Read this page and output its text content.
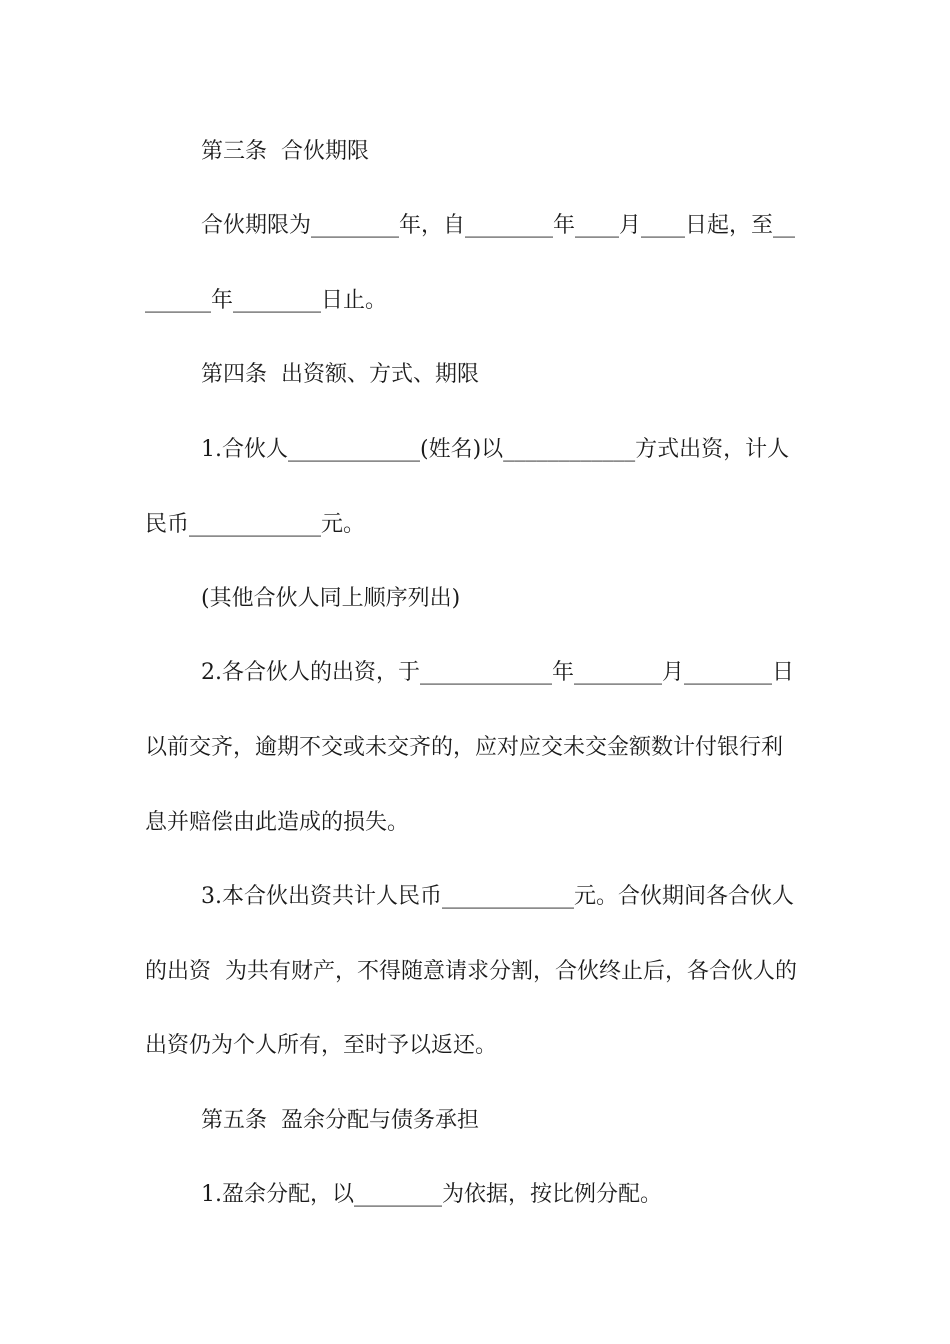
第三条  合伙期限
合伙期限为________年，自________年____月____日起，至__
______年________日止。
第四条  出资额、方式、期限
1.合伙人____________(姓名)以____________方式出资，计人
民币____________元。
(其他合伙人同上顺序列出)
2.各合伙人的出资，于____________年________月________日
以前交齐，逾期不交或未交齐的，应对应交未交金额数计付银行利
息并赔偿由此造成的损失。
3.本合伙出资共计人民币____________元。合伙期间各合伙人
的出资  为共有财产，不得随意请求分割，合伙终止后，各合伙人的
出资仍为个人所有，至时予以返还。
第五条  盈余分配与债务承担
1.盈余分配，以________为依据，按比例分配。
